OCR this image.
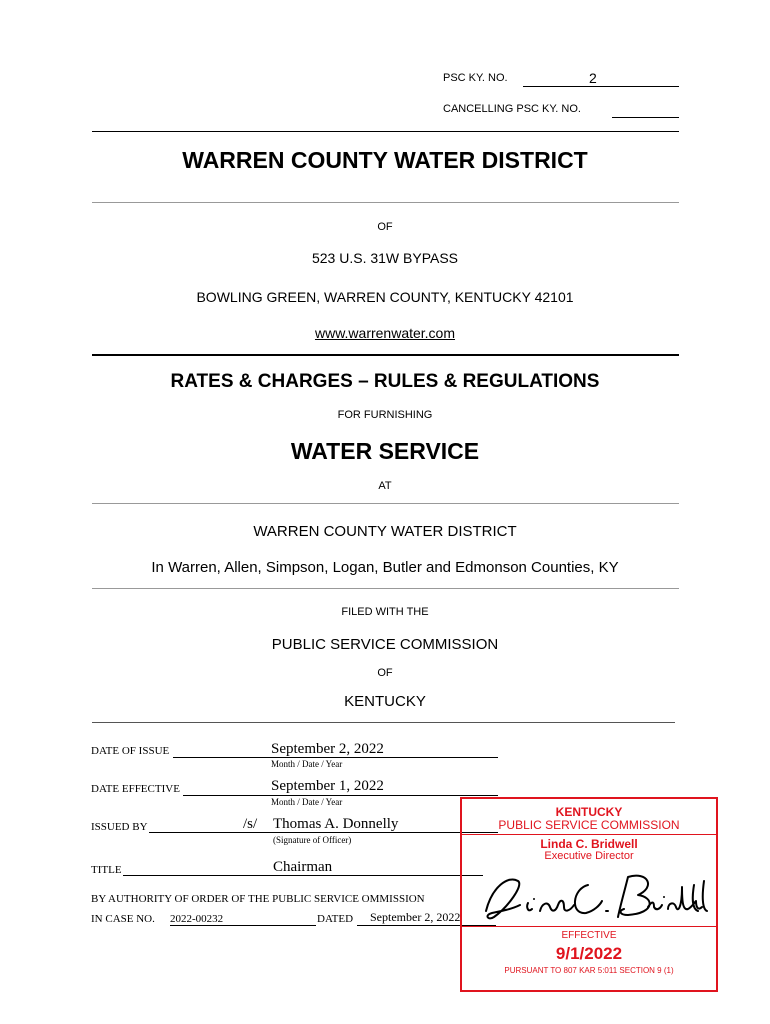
PSC KY. NO.	2
CANCELLING PSC KY. NO.
WARREN COUNTY WATER DISTRICT
OF
523 U.S. 31W BYPASS
BOWLING GREEN, WARREN COUNTY, KENTUCKY 42101
www.warrenwater.com
RATES & CHARGES – RULES & REGULATIONS
FOR FURNISHING
WATER SERVICE
AT
WARREN COUNTY WATER DISTRICT
In Warren, Allen, Simpson, Logan, Butler and Edmonson Counties, KY
FILED WITH THE
PUBLIC SERVICE COMMISSION
OF
KENTUCKY
DATE OF ISSUE	September 2, 2022
Month / Date / Year
DATE EFFECTIVE	September 1, 2022
Month / Date / Year
ISSUED BY	/s/ Thomas A. Donnelly
(Signature of Officer)
TITLE	Chairman
BY AUTHORITY OF ORDER OF THE PUBLIC SERVICE OMMISSION
IN CASE NO. 2022-00232	DATED September 2, 2022
KENTUCKY
PUBLIC SERVICE COMMISSION
Linda C. Bridwell
Executive Director
EFFECTIVE
9/1/2022
PURSUANT TO 807 KAR 5:011 SECTION 9 (1)
